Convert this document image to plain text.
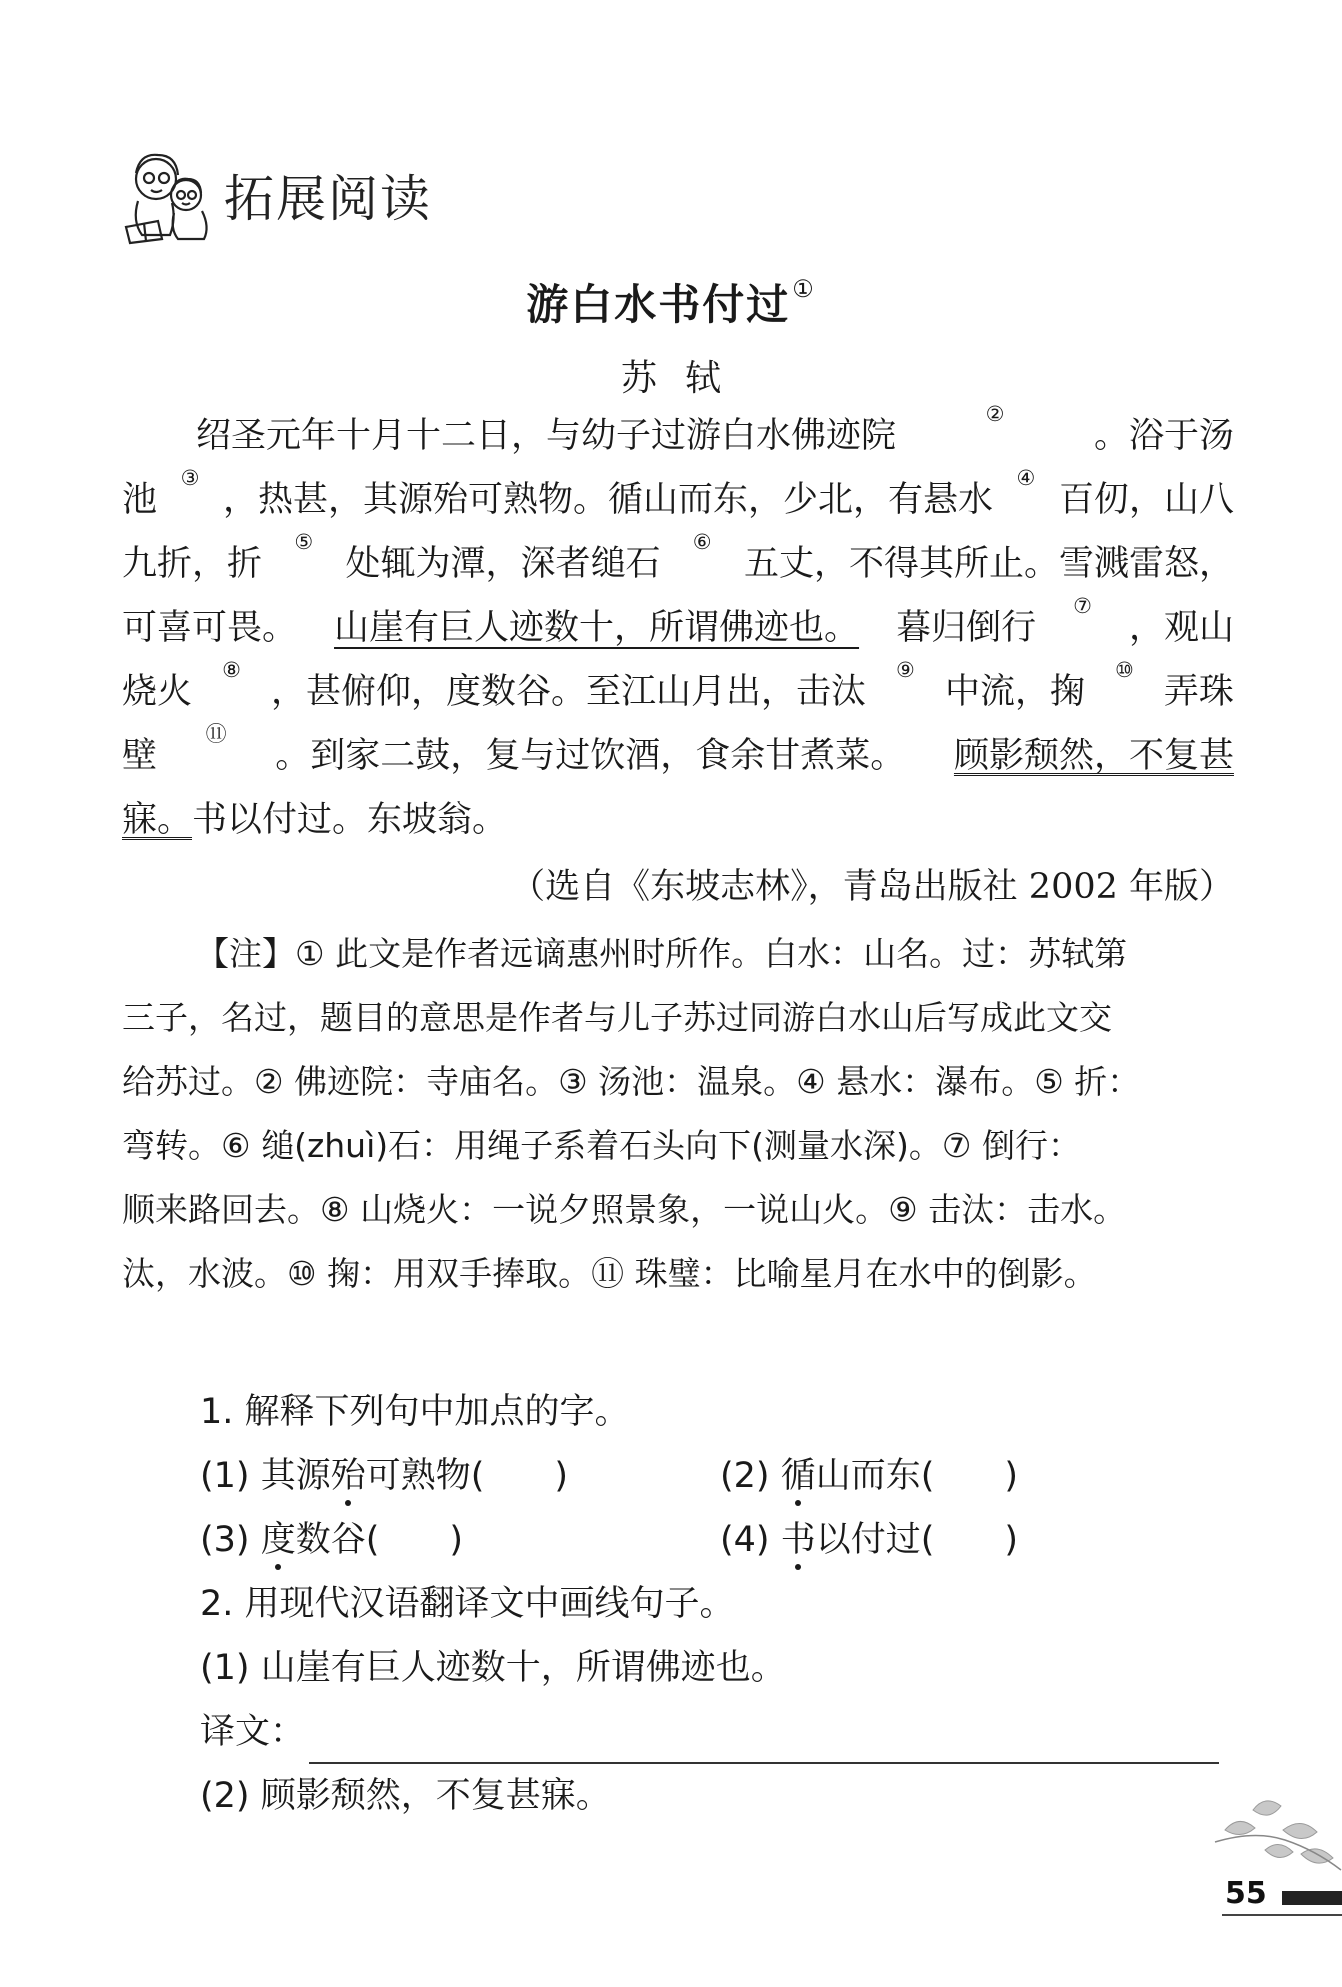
拓展阅读
游白水书付过①
苏轼
绍圣元年十月十二日，与幼子过游白水佛迹院
②
。浴于汤
池
③
，热甚，其源殆可熟物。循山而东，少北，有悬水
④
百仞，山八
九折，折
⑤
处辄为潭，深者缒石
⑥
五丈，不得其所止。雪溅雷怒，
可喜可畏。 山崖有巨人迹数十，所谓佛迹也。 暮归倒行
⑦
，观山
烧火
⑧
，甚俯仰，度数谷。至江山月出，击汰
⑨
中流，掬
⑩
弄珠
壁
⑪
。到家二鼓，复与过饮酒，食余甘煮菜。 顾影颓然，不复甚
寐。 书以付过。东坡翁。
（选自《东坡志林》，青岛出版社 2002 年版）
【注】① 此文是作者远谪惠州时所作。白水：山名。过：苏轼第
三子，名过，题目的意思是作者与儿子苏过同游白水山后写成此文交
给苏过。② 佛迹院：寺庙名。③ 汤池：温泉。④ 悬水：瀑布。⑤ 折：
弯转。⑥ 缒(zhuì)石：用绳子系着石头向下(测量水深)。⑦ 倒行：
顺来路回去。⑧ 山烧火：一说夕照景象，一说山火。⑨ 击汰：击水。
汰，水波。⑩ 掬：用双手捧取。⑪ 珠璧：比喻星月在水中的倒影。
1. 解释下列句中加点的字。
(1) 其源殆可熟物(　　)	(2) 循山而东(　　)
(3) 度数谷(　　)	(4) 书以付过(　　)
2. 用现代汉语翻译文中画线句子。
(1) 山崖有巨人迹数十，所谓佛迹也。
译文：
(2) 顾影颓然，不复甚寐。
55
